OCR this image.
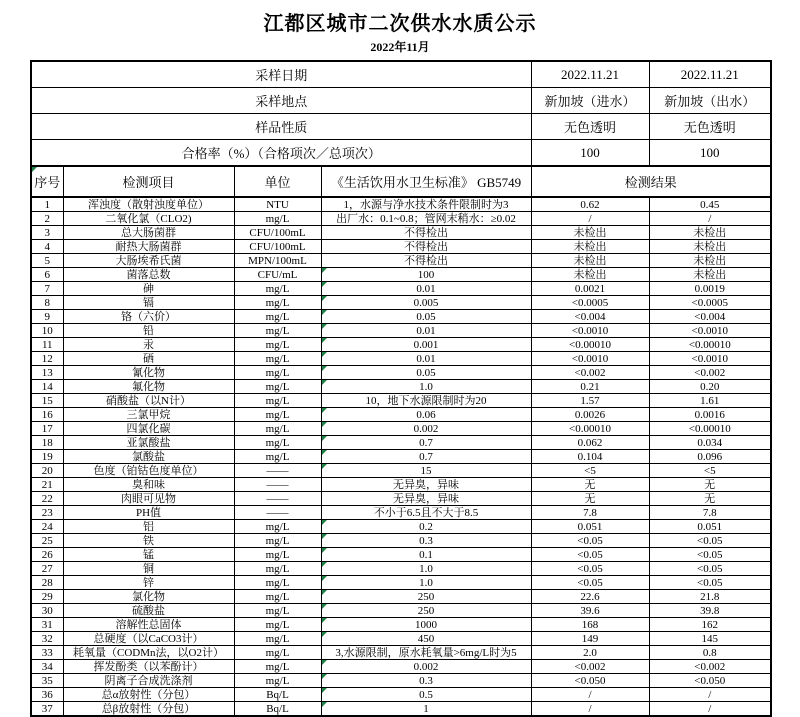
江都区城市二次供水水质公示
2022年11月
采样日期				2022.11.21	2022.11.21
采样地点				新加坡（进水）	新加坡（出水）
样品性质				无色透明	无色透明
合格率（%）（合格项次／总项次）				100	100

序号	检测项目	单位	《生活饮用水卫生标准》 GB5749	检测结果	
1	浑浊度（散射浊度单位）	NTU	1，水源与净水技术条件限制时为3	0.62	0.45
2	二氧化氯（CLO2)	mg/L	出厂水：0.1~0.8；管网末稍水：≥0.02	/	/
3	总大肠菌群	CFU/100mL	不得检出	未检出	未检出
4	耐热大肠菌群	CFU/100mL	不得检出	未检出	未检出
5	大肠埃希氏菌	MPN/100mL	不得检出	未检出	未检出
6	菌落总数	CFU/mL	100	未检出	未检出
7	砷	mg/L	0.01	0.0021	0.0019
8	镉	mg/L	0.005	<0.0005	<0.0005
9	铬（六价）	mg/L	0.05	<0.004	<0.004
10	铅	mg/L	0.01	<0.0010	<0.0010
11	汞	mg/L	0.001	<0.00010	<0.00010
12	硒	mg/L	0.01	<0.0010	<0.0010
13	氰化物	mg/L	0.05	<0.002	<0.002
14	氟化物	mg/L	1.0	0.21	0.20
15	硝酸盐（以N计）	mg/L	10，地下水源限制时为20	1.57	1.61
16	三氯甲烷	mg/L	0.06	0.0026	0.0016
17	四氯化碳	mg/L	0.002	<0.00010	<0.00010
18	亚氯酸盐	mg/L	0.7	0.062	0.034
19	氯酸盐	mg/L	0.7	0.104	0.096
20	色度（铂钴色度单位）	——	15	<5	<5
21	臭和味	——	无异臭，异味	无	无
22	肉眼可见物	——	无异臭，异味	无	无
23	PH值	——	不小于6.5且不大于8.5	7.8	7.8
24	铝	mg/L	0.2	0.051	0.051
25	铁	mg/L	0.3	<0.05	<0.05
26	锰	mg/L	0.1	<0.05	<0.05
27	铜	mg/L	1.0	<0.05	<0.05
28	锌	mg/L	1.0	<0.05	<0.05
29	氯化物	mg/L	250	22.6	21.8
30	硫酸盐	mg/L	250	39.6	39.8
31	溶解性总固体	mg/L	1000	168	162
32	总硬度（以CaCO3计）	mg/L	450	149	145
33	耗氧量（CODMn法，以O2计）	mg/L	3,水源限制，原水耗氧量>6mg/L时为5	2.0	0.8
34	挥发酚类（以苯酚计）	mg/L	0.002	<0.002	<0.002
35	阴离子合成洗涤剂	mg/L	0.3	<0.050	<0.050
36	总α放射性（分包）	Bq/L	0.5	/	/
37	总β放射性（分包）	Bq/L	1	/	/
